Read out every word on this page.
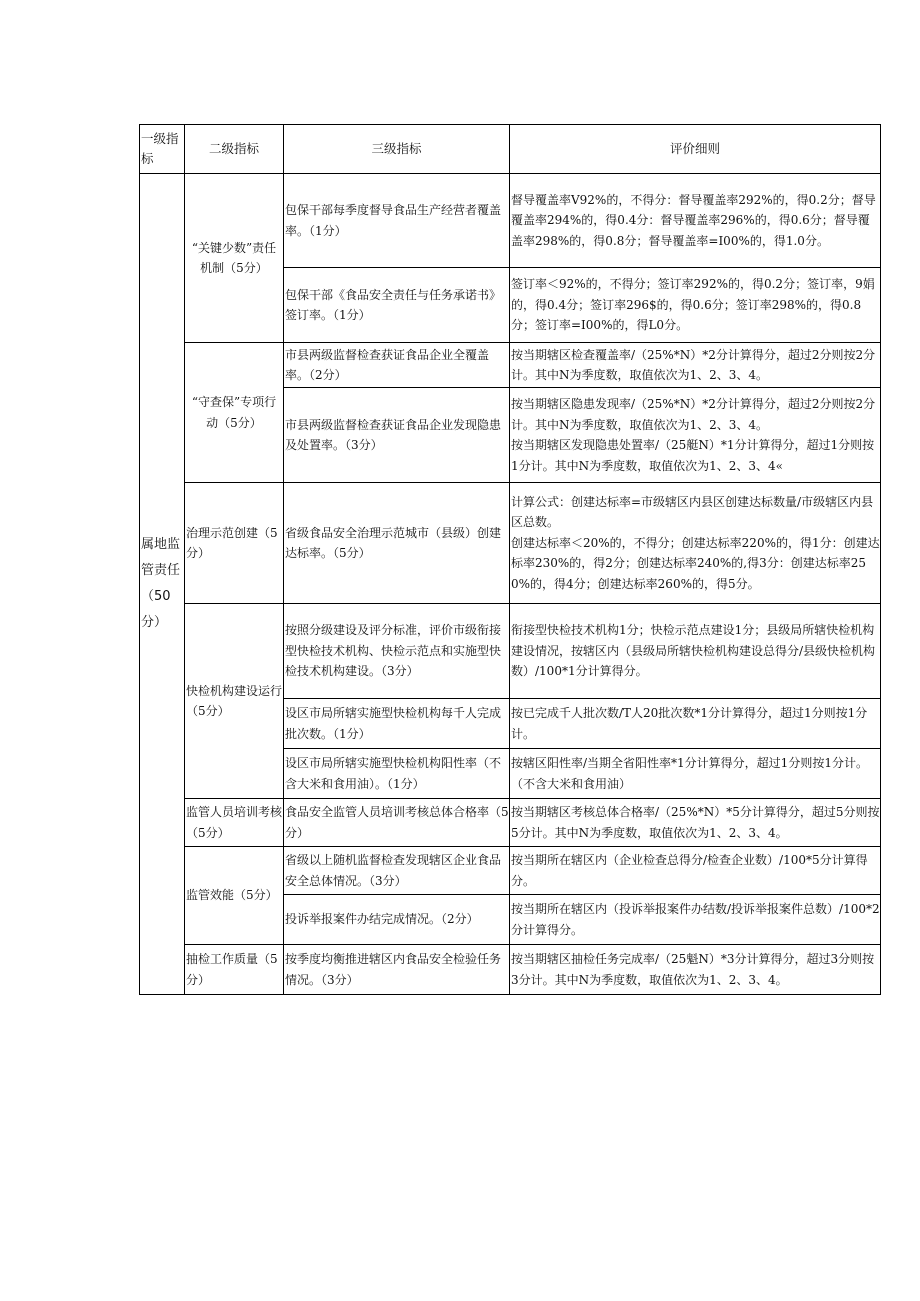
一级指标	二级指标	三级指标	评价细则

属地监管责任
（50分）	“关键少数”责任机制（5分）	包保干部每季度督导食品生产经营者覆盖率。（1分）	督导覆盖率V92%的，不得分：督导覆盖率292%的，得0.2分；督导覆盖率294%的，得0.4分：督导覆盖率296%的，得0.6分；督导覆盖率298%的，得0.8分；督导覆盖率=I00%的，得1.0分。

		包保干部《食品安全责任与任务承诺书》签订率。（1分）	签订率＜92%的，不得分；签订率292%的，得0.2分；签订率，9娟的，得0.4分；签订率296$的，得0.6分；签订率298%的，得0.8分；签订率=I00%的，得L0分。

	“守查保”专项行动（5分）	市县两级监督检查获证食品企业全覆盖率。（2分）	按当期辖区检查覆盖率/（25%*N）*2分计算得分，超过2分则按2分计。其中N为季度数，取值依次为1、2、3、4。

		市县两级监督检查获证食品企业发现隐患及处置率。（3分）	按当期辖区隐患发现率/（25%*N）*2分计算得分，超过2分则按2分计。其中N为季度数，取值依次为1、2、3、4。
按当期辖区发现隐患处置率/（25艇N）*1分计算得分，超过1分则按1分计。其中N为季度数，取值依次为1、2、3、4«

	治理示范创建（5分）	省级食品安全治理示范城市（县级）创建达标率。（5分）	计算公式：创建达标率=市级辖区内县区创建达标数量/市级辖区内县区总数。
创建达标率＜20%的，不得分；创建达标率220%的，得1分：创建达标率230%的，得2分；创建达标率240%的,得3分：创建达标率250%的，得4分；创建达标率260%的，得5分。

	快检机构建设运行（5分）	按照分级建设及评分标准，评价市级衔接型快检技术机构、快检示范点和实施型快检技术机构建设。（3分）	衔接型快检技术机构1分；快检示范点建设1分；县级局所辖快检机构建设情况，按辖区内（县级局所辖快检机构建设总得分/县级快检机构数）/100*1分计算得分。

		设区市局所辖实施型快检机构每千人完成批次数。（1分）	按已完成千人批次数/T人20批次数*1分计算得分，超过1分则按1分计。

		设区市局所辖实施型快检机构阳性率（不含大米和食用油）。（1分）	按辖区阳性率/当期全省阳性率*1分计算得分，超过1分则按1分计。（不含大米和食用油）

	监管人员培训考核（5分）	食品安全监管人员培训考核总体合格率（5分）	按当期辖区考核总体合格率/（25%*N）*5分计算得分，超过5分则按5分计。其中N为季度数，取值依次为1、2、3、4。

	监管效能（5分）	省级以上随机监督检查发现辖区企业食品安全总体情况。（3分）	按当期所在辖区内（企业检查总得分/检查企业数）/100*5分计算得分。

		投诉举报案件办结完成情况。（2分）	按当期所在辖区内（投诉举报案件办结数/投诉举报案件总数）/100*2分计算得分。

	抽检工作质量（5分）	按季度均衡推进辖区内食品安全检验任务情况。（3分）	按当期辖区抽检任务完成率/（25魁N）*3分计算得分，超过3分则按3分计。其中N为季度数，取值依次为1、2、3、4。
